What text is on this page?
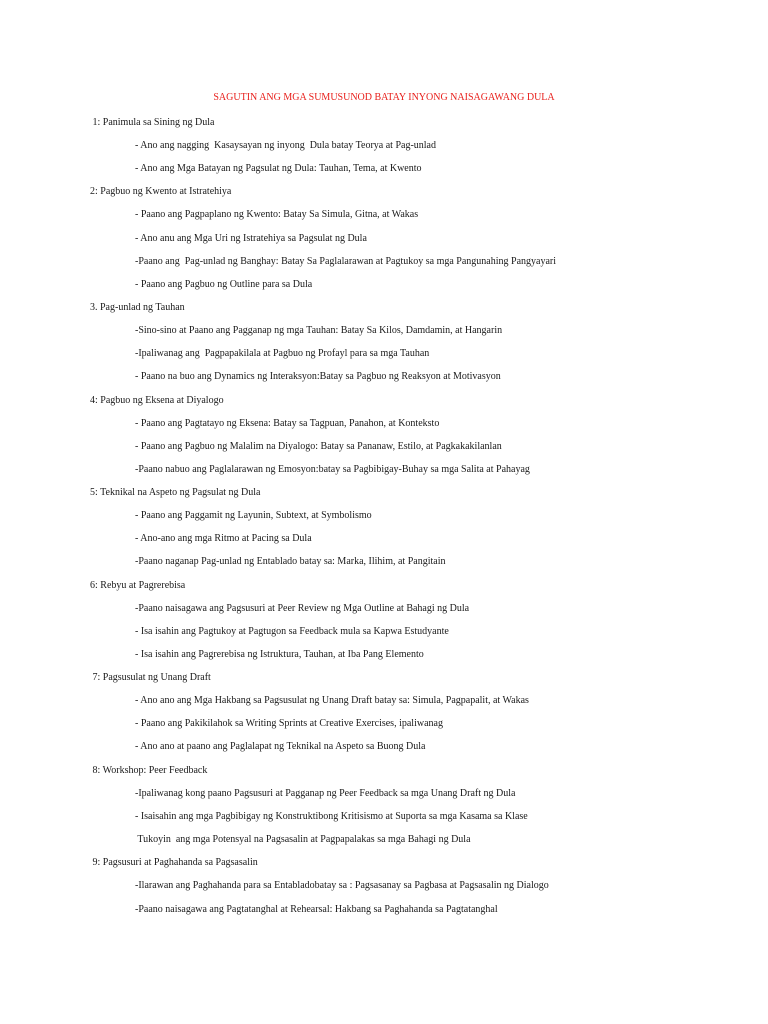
SAGUTIN ANG MGA SUMUSUNOD BATAY INYONG NAISAGAWANG DULA
1: Panimula sa Sining ng Dula
- Ano ang nagging  Kasaysayan ng inyong  Dula batay Teorya at Pag-unlad
- Ano ang Mga Batayan ng Pagsulat ng Dula: Tauhan, Tema, at Kwento
2: Pagbuo ng Kwento at Istratehiya
- Paano ang Pagpaplano ng Kwento: Batay Sa Simula, Gitna, at Wakas
- Ano anu ang Mga Uri ng Istratehiya sa Pagsulat ng Dula
-Paano ang  Pag-unlad ng Banghay: Batay Sa Paglalarawan at Pagtukoy sa mga Pangunahing Pangyayari
- Paano ang Pagbuo ng Outline para sa Dula
3. Pag-unlad ng Tauhan
-Sino-sino at Paano ang Pagganap ng mga Tauhan: Batay Sa Kilos, Damdamin, at Hangarin
-Ipaliwanag ang  Pagpapakilala at Pagbuo ng Profayl para sa mga Tauhan
- Paano na buo ang Dynamics ng Interaksyon:Batay sa Pagbuo ng Reaksyon at Motivasyon
4: Pagbuo ng Eksena at Diyalogo
- Paano ang Pagtatayo ng Eksena: Batay sa Tagpuan, Panahon, at Konteksto
- Paano ang Pagbuo ng Malalim na Diyalogo: Batay sa Pananaw, Estilo, at Pagkakakilanlan
-Paano nabuo ang Paglalarawan ng Emosyon:batay sa Pagbibigay-Buhay sa mga Salita at Pahayag
5: Teknikal na Aspeto ng Pagsulat ng Dula
- Paano ang Paggamit ng Layunin, Subtext, at Symbolismo
- Ano-ano ang mga Ritmo at Pacing sa Dula
-Paano naganap Pag-unlad ng Entablado batay sa: Marka, Ilihim, at Pangitain
6: Rebyu at Pagrerebisa
-Paano naisagawa ang Pagsusuri at Peer Review ng Mga Outline at Bahagi ng Dula
- Isa isahin ang Pagtukoy at Pagtugon sa Feedback mula sa Kapwa Estudyante
- Isa isahin ang Pagrerebisa ng Istruktura, Tauhan, at Iba Pang Elemento
7: Pagsusulat ng Unang Draft
- Ano ano ang Mga Hakbang sa Pagsusulat ng Unang Draft batay sa: Simula, Pagpapalit, at Wakas
- Paano ang Pakikilahok sa Writing Sprints at Creative Exercises, ipaliwanag
- Ano ano at paano ang Paglalapat ng Teknikal na Aspeto sa Buong Dula
8: Workshop: Peer Feedback
-Ipaliwanag kong paano Pagsusuri at Pagganap ng Peer Feedback sa mga Unang Draft ng Dula
- Isaisahin ang mga Pagbibigay ng Konstruktibong Kritisismo at Suporta sa mga Kasama sa Klase
Tukoyin  ang mga Potensyal na Pagsasalin at Pagpapalakas sa mga Bahagi ng Dula
9: Pagsusuri at Paghahanda sa Pagsasalin
-Ilarawan ang Paghahanda para sa Entabladobatay sa : Pagsasanay sa Pagbasa at Pagsasalin ng Dialogo
-Paano naisagawa ang Pagtatanghal at Rehearsal: Hakbang sa Paghahanda sa Pagtatanghal
